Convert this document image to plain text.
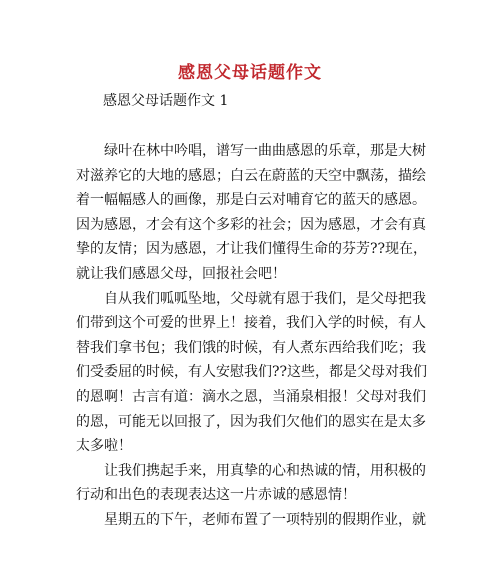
感恩父母话题作文
感恩父母话题作文 1
　　绿叶在林中吟唱，谱写一曲曲感恩的乐章，那是大树
对滋养它的大地的感恩；白云在蔚蓝的天空中飘荡，描绘
着一幅幅感人的画像，那是白云对哺育它的蓝天的感恩。
因为感恩，才会有这个多彩的社会；因为感恩，才会有真
挚的友情；因为感恩，才让我们懂得生命的芬芳??现在，
就让我们感恩父母，回报社会吧！
　　自从我们呱呱坠地，父母就有恩于我们，是父母把我
们带到这个可爱的世界上！接着，我们入学的时候，有人
替我们拿书包；我们饿的时候，有人煮东西给我们吃；我
们受委屈的时候，有人安慰我们??这些，都是父母对我们
的恩啊！古言有道：滴水之恩，当涌泉相报！父母对我们
的恩，可能无以回报了，因为我们欠他们的恩实在是太多
太多啦！
　　让我们携起手来，用真挚的心和热诚的情，用积极的
行动和出色的表现表达这一片赤诚的感恩情！
　　星期五的下午，老师布置了一项特别的假期作业，就
